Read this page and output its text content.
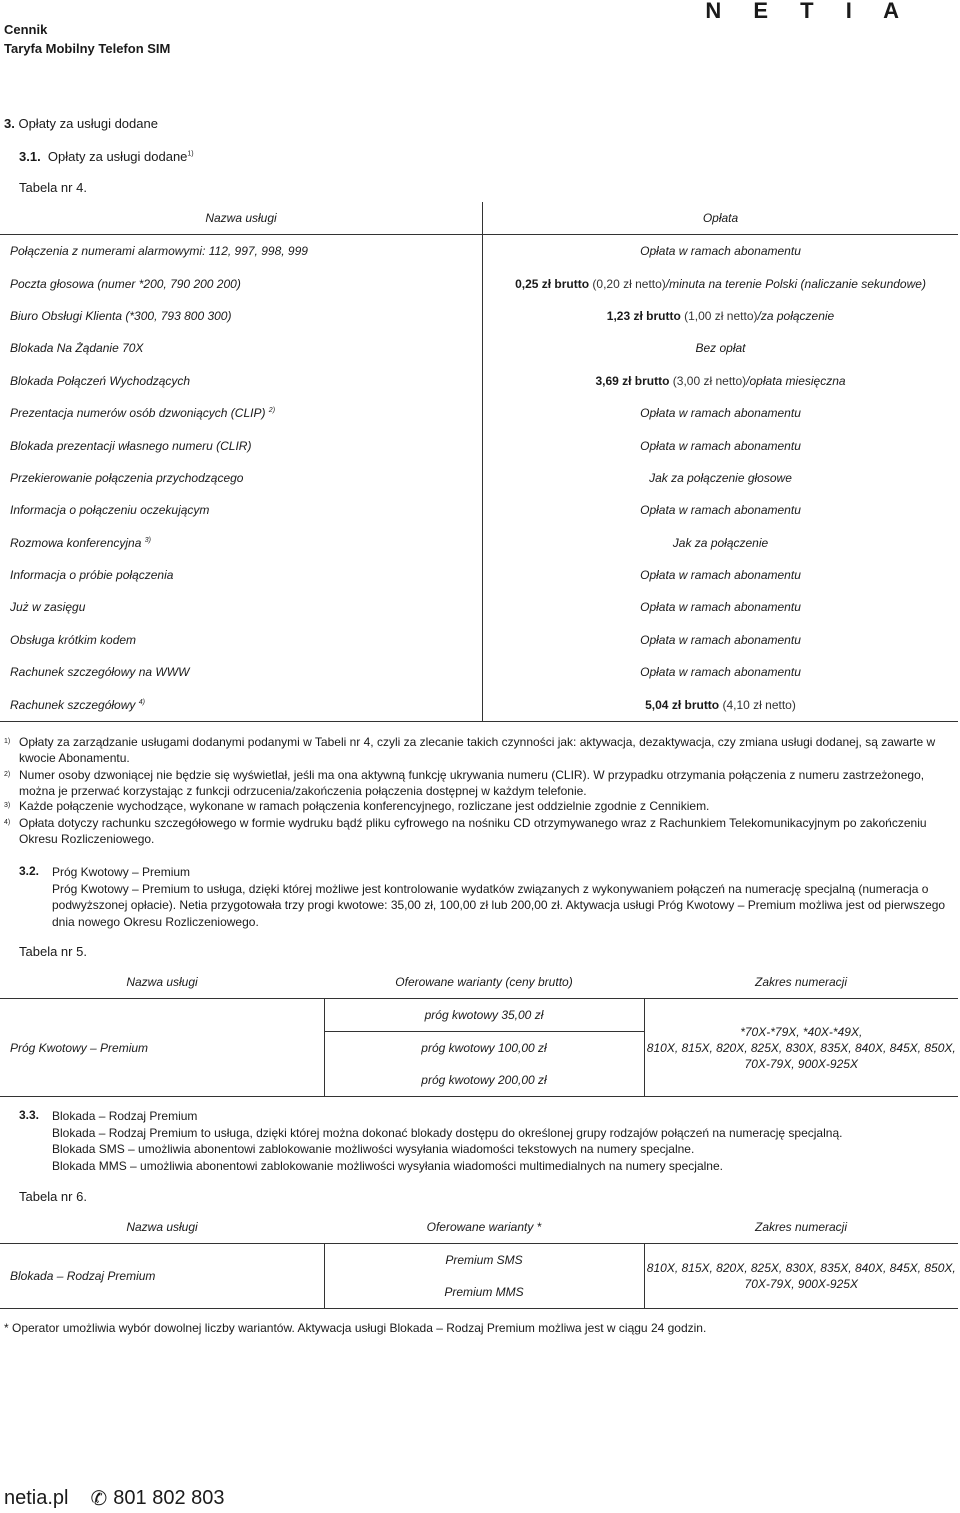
Cennik
Taryfa Mobilny Telefon SIM
N E T I A
3. Opłaty za usługi dodane
3.1. Opłaty za usługi dodane$^{1)}$
Tabela nr 4.
Nazwa usługi	Opłata
Połączenia z numerami alarmowymi: 112, 997, 998, 999	Opłata w ramach abonamentu
Poczta głosowa (numer *200, 790 200 200)	0,25 zł brutto (0,20 zł netto)/minuta na terenie Polski (naliczanie sekundowe)
Biuro Obsługi Klienta (*300, 793 800 300)	1,23 zł brutto (1,00 zł netto)/za połączenie
Blokada Na Żądanie 70X	Bez opłat
Blokada Połączeń Wychodzących	3,69 zł brutto (3,00 zł netto)/opłata miesięczna
Prezentacja numerów osób dzwoniących (CLIP) $^{2)}$	Opłata w ramach abonamentu
Blokada prezentacji własnego numeru (CLIR)	Opłata w ramach abonamentu
Przekierowanie połączenia przychodzącego	Jak za połączenie głosowe
Informacja o połączeniu oczekującym	Opłata w ramach abonamentu
Rozmowa konferencyjna $^{3)}$	Jak za połączenie
Informacja o próbie połączenia	Opłata w ramach abonamentu
Już w zasięgu	Opłata w ramach abonamentu
Obsługa krótkim kodem	Opłata w ramach abonamentu
Rachunek szczegółowy na WWW	Opłata w ramach abonamentu
Rachunek szczegółowy $^{4)}$	5,04 zł brutto (4,10 zł netto)
1) Opłaty za zarządzanie usługami dodanymi podanymi w Tabeli nr 4, czyli za zlecanie takich czynności jak: aktywacja, dezaktywacja, czy zmiana usługi dodanej, są zawarte w kwocie Abonamentu.
2) Numer osoby dzwoniącej nie będzie się wyświetlał, jeśli ma ona aktywną funkcję ukrywania numeru (CLIR). W przypadku otrzymania połączenia z numeru zastrzeżonego, można je przerwać korzystając z funkcji odrzucenia/zakończenia połączenia dostępnej w każdym telefonie.
3) Każde połączenie wychodzące, wykonane w ramach połączenia konferencyjnego, rozliczane jest oddzielnie zgodnie z Cennikiem.
4) Opłata dotyczy rachunku szczegółowego w formie wydruku bądź pliku cyfrowego na nośniku CD otrzymywanego wraz z Rachunkiem Telekomunikacyjnym po zakończeniu Okresu Rozliczeniowego.
3.2. Próg Kwotowy – Premium
Próg Kwotowy – Premium to usługa, dzięki której możliwe jest kontrolowanie wydatków związanych z wykonywaniem połączeń na numerację specjalną (numeracja o podwyższonej opłacie). Netia przygotowała trzy progi kwotowe: 35,00 zł, 100,00 zł lub 200,00 zł. Aktywacja usługi Próg Kwotowy – Premium możliwa jest od pierwszego dnia nowego Okresu Rozliczeniowego.
Tabela nr 5.
Nazwa usługi	Oferowane warianty (ceny brutto)	Zakres numeracji
Próg Kwotowy – Premium	próg kwotowy 35,00 zł	*70X-*79X, *40X-*49X,
810X, 815X, 820X, 825X, 830X, 835X, 840X, 845X, 850X,
70X-79X, 900X-925X

	próg kwotowy 100,00 zł	
	próg kwotowy 200,00 zł	
3.3. Blokada – Rodzaj Premium
Blokada – Rodzaj Premium to usługa, dzięki której można dokonać blokady dostępu do określonej grupy rodzajów połączeń na numerację specjalną.
Blokada SMS – umożliwia abonentowi zablokowanie możliwości wysyłania wiadomości tekstowych na numery specjalne.
Blokada MMS – umożliwia abonentowi zablokowanie możliwości wysyłania wiadomości multimedialnych na numery specjalne.
Tabela nr 6.
Nazwa usługi	Oferowane warianty *	Zakres numeracji
Blokada – Rodzaj Premium	Premium SMS	810X, 815X, 820X, 825X, 830X, 835X, 840X, 845X, 850X,
70X-79X, 900X-925X

	Premium MMS	
* Operator umożliwia wybór dowolnej liczby wariantów. Aktywacja usługi Blokada – Rodzaj Premium możliwa jest w ciągu 24 godzin.
netia.pl ✆ 801 802 803
